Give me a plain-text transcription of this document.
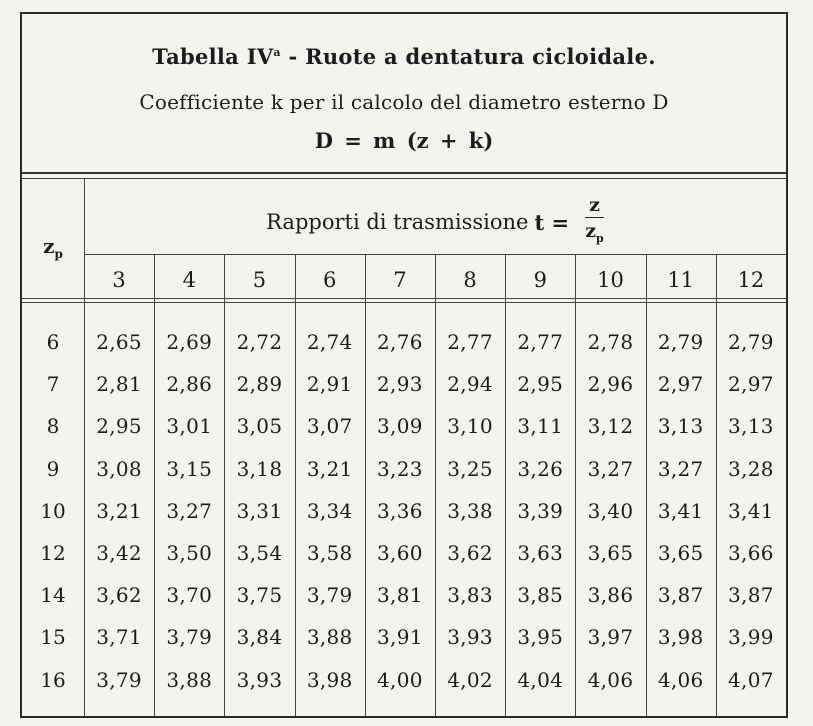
Tabella $IV^a$ - Ruote a dentatura cicloidale.
Coefficiente k per il calcolo del diametro esterno D
D = m (z + k)
$z_p$
Rapporti di trasmissione $t = \frac{z}{z_p}$
3	4	5	6	7	8	9	10	11	12
6	2,65	2,69	2,72	2,74	2,76	2,77	2,77	2,78	2,79	2,79
7	2,81	2,86	2,89	2,91	2,93	2,94	2,95	2,96	2,97	2,97
8	2,95	3,01	3,05	3,07	3,09	3,10	3,11	3,12	3,13	3,13
9	3,08	3,15	3,18	3,21	3,23	3,25	3,26	3,27	3,27	3,28
10	3,21	3,27	3,31	3,34	3,36	3,38	3,39	3,40	3,41	3,41
12	3,42	3,50	3,54	3,58	3,60	3,62	3,63	3,65	3,65	3,66
14	3,62	3,70	3,75	3,79	3,81	3,83	3,85	3,86	3,87	3,87
15	3,71	3,79	3,84	3,88	3,91	3,93	3,95	3,97	3,98	3,99
16	3,79	3,88	3,93	3,98	4,00	4,02	4,04	4,06	4,06	4,07
